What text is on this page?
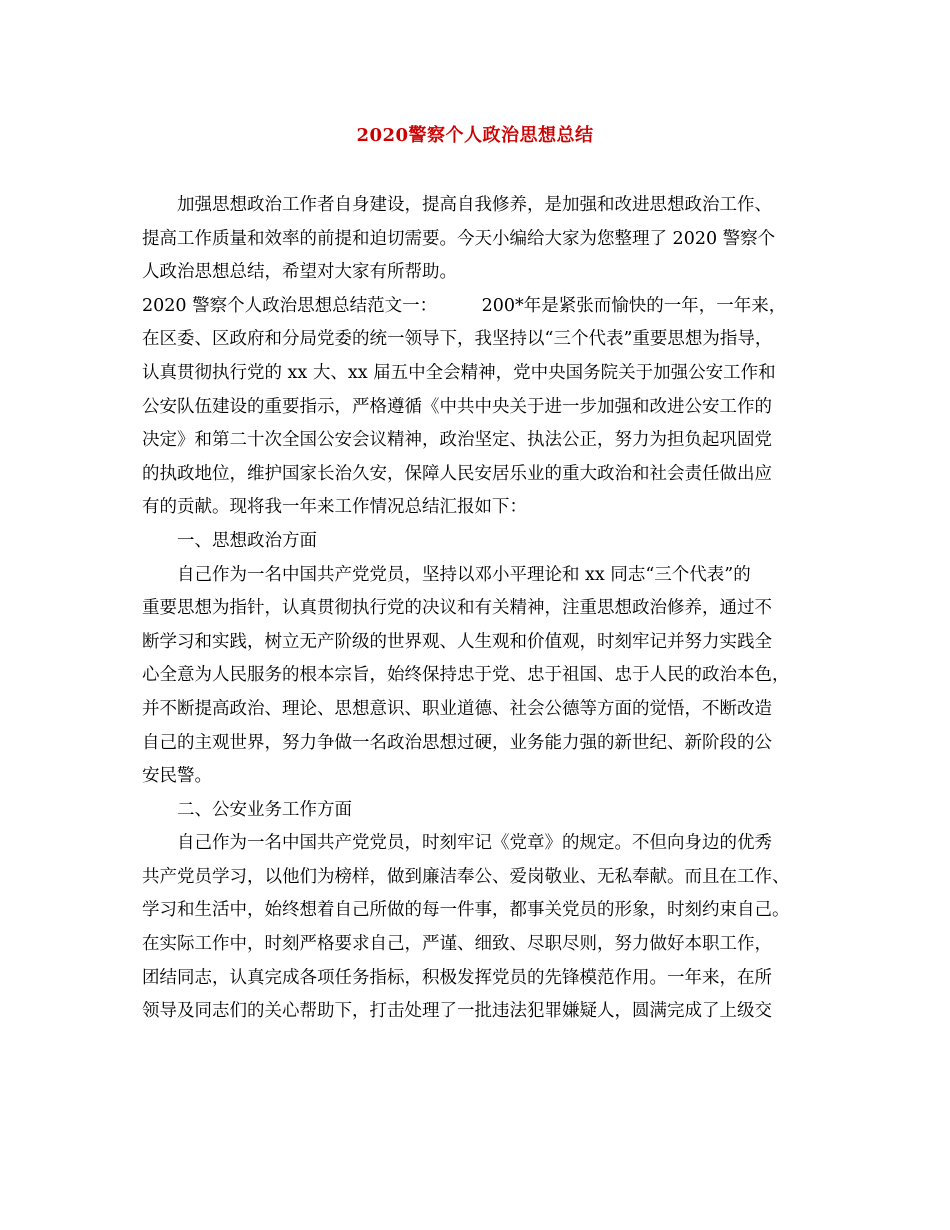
2020警察个人政治思想总结
加强思想政治工作者自身建设，提高自我修养，是加强和改进思想政治工作、
提高工作质量和效率的前提和迫切需要。今天小编给大家为您整理了 2020 警察个
人政治思想总结，希望对大家有所帮助。
2020 警察个人政治思想总结范文一：        200*年是紧张而愉快的一年，一年来，
在区委、区政府和分局党委的统一领导下，我坚持以“三个代表”重要思想为指导，
认真贯彻执行党的 xx 大、xx 届五中全会精神，党中央国务院关于加强公安工作和
公安队伍建设的重要指示，严格遵循《中共中央关于进一步加强和改进公安工作的
决定》和第二十次全国公安会议精神，政治坚定、执法公正，努力为担负起巩固党
的执政地位，维护国家长治久安，保障人民安居乐业的重大政治和社会责任做出应
有的贡献。现将我一年来工作情况总结汇报如下：
一、思想政治方面
自己作为一名中国共产党党员，坚持以邓小平理论和 xx 同志“三个代表”的
重要思想为指针，认真贯彻执行党的决议和有关精神，注重思想政治修养，通过不
断学习和实践，树立无产阶级的世界观、人生观和价值观，时刻牢记并努力实践全
心全意为人民服务的根本宗旨，始终保持忠于党、忠于祖国、忠于人民的政治本色，
并不断提高政治、理论、思想意识、职业道德、社会公德等方面的觉悟，不断改造
自己的主观世界，努力争做一名政治思想过硬，业务能力强的新世纪、新阶段的公
安民警。
二、公安业务工作方面
自己作为一名中国共产党党员，时刻牢记《党章》的规定。不但向身边的优秀
共产党员学习，以他们为榜样，做到廉洁奉公、爱岗敬业、无私奉献。而且在工作、
学习和生活中，始终想着自己所做的每一件事，都事关党员的形象，时刻约束自己。
在实际工作中，时刻严格要求自己，严谨、细致、尽职尽则，努力做好本职工作，
团结同志，认真完成各项任务指标，积极发挥党员的先锋模范作用。一年来，在所
领导及同志们的关心帮助下，打击处理了一批违法犯罪嫌疑人，圆满完成了上级交
